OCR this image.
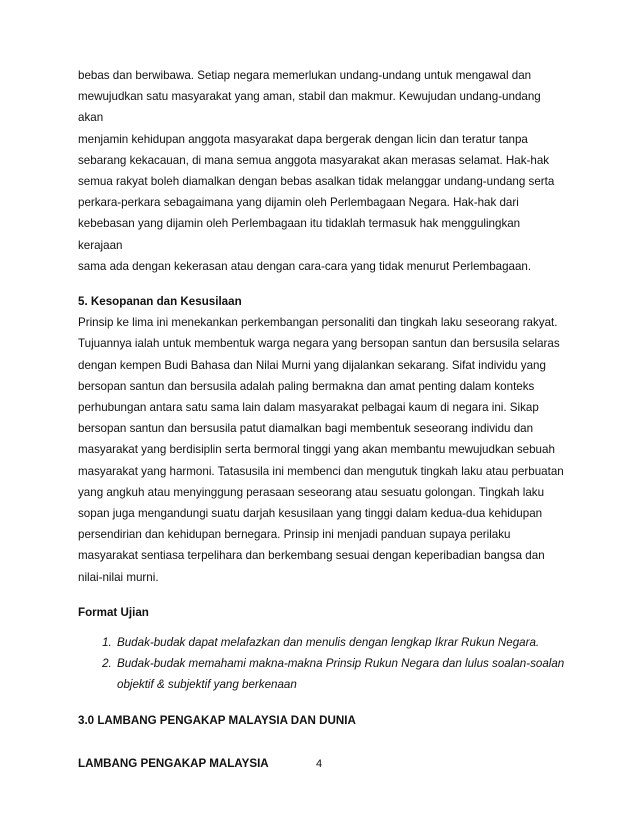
bebas dan berwibawa. Setiap negara memerlukan undang-undang untuk mengawal dan

mewujudkan satu masyarakat yang aman, stabil dan makmur. Kewujudan undang-undang akan

menjamin kehidupan anggota masyarakat dapa bergerak dengan licin dan teratur tanpa

sebarang kekacauan, di mana semua anggota masyarakat akan merasas selamat. Hak-hak

semua rakyat boleh diamalkan dengan bebas asalkan tidak melanggar undang-undang serta

perkara-perkara sebagaimana yang dijamin oleh Perlembagaan Negara. Hak-hak dari

kebebasan yang dijamin oleh Perlembagaan itu tidaklah termasuk hak menggulingkan kerajaan

sama ada dengan kekerasan atau dengan cara-cara yang tidak menurut Perlembagaan.

5. Kesopanan dan Kesusilaan

Prinsip ke lima ini menekankan perkembangan personaliti dan tingkah laku seseorang rakyat.

Tujuannya ialah untuk membentuk warga negara yang bersopan santun dan bersusila selaras

dengan kempen Budi Bahasa dan Nilai Murni yang dijalankan sekarang. Sifat individu yang

bersopan santun dan bersusila adalah paling bermakna dan amat penting dalam konteks

perhubungan antara satu sama lain dalam masyarakat pelbagai kaum di negara ini. Sikap

bersopan santun dan bersusila patut diamalkan bagi membentuk seseorang individu dan

masyarakat yang berdisiplin serta bermoral tinggi yang akan membantu mewujudkan sebuah

masyarakat yang harmoni. Tatasusila ini membenci dan mengutuk tingkah laku atau perbuatan

yang angkuh atau menyinggung perasaan seseorang atau sesuatu golongan. Tingkah laku

sopan juga mengandungi suatu darjah kesusilaan yang tinggi dalam kedua-dua kehidupan

persendirian dan kehidupan bernegara. Prinsip ini menjadi panduan supaya perilaku

masyarakat sentiasa terpelihara dan berkembang sesuai dengan keperibadian bangsa dan

nilai-nilai murni.

Format Ujian
1. Budak-budak dapat melafazkan dan menulis dengan lengkap Ikrar Rukun Negara.
2. Budak-budak memahami makna-makna Prinsip Rukun Negara dan lulus soalan-soalan
objektif & subjektif yang berkenaan
3.0 LAMBANG PENGAKAP MALAYSIA DAN DUNIA
LAMBANG PENGAKAP MALAYSIA	4
